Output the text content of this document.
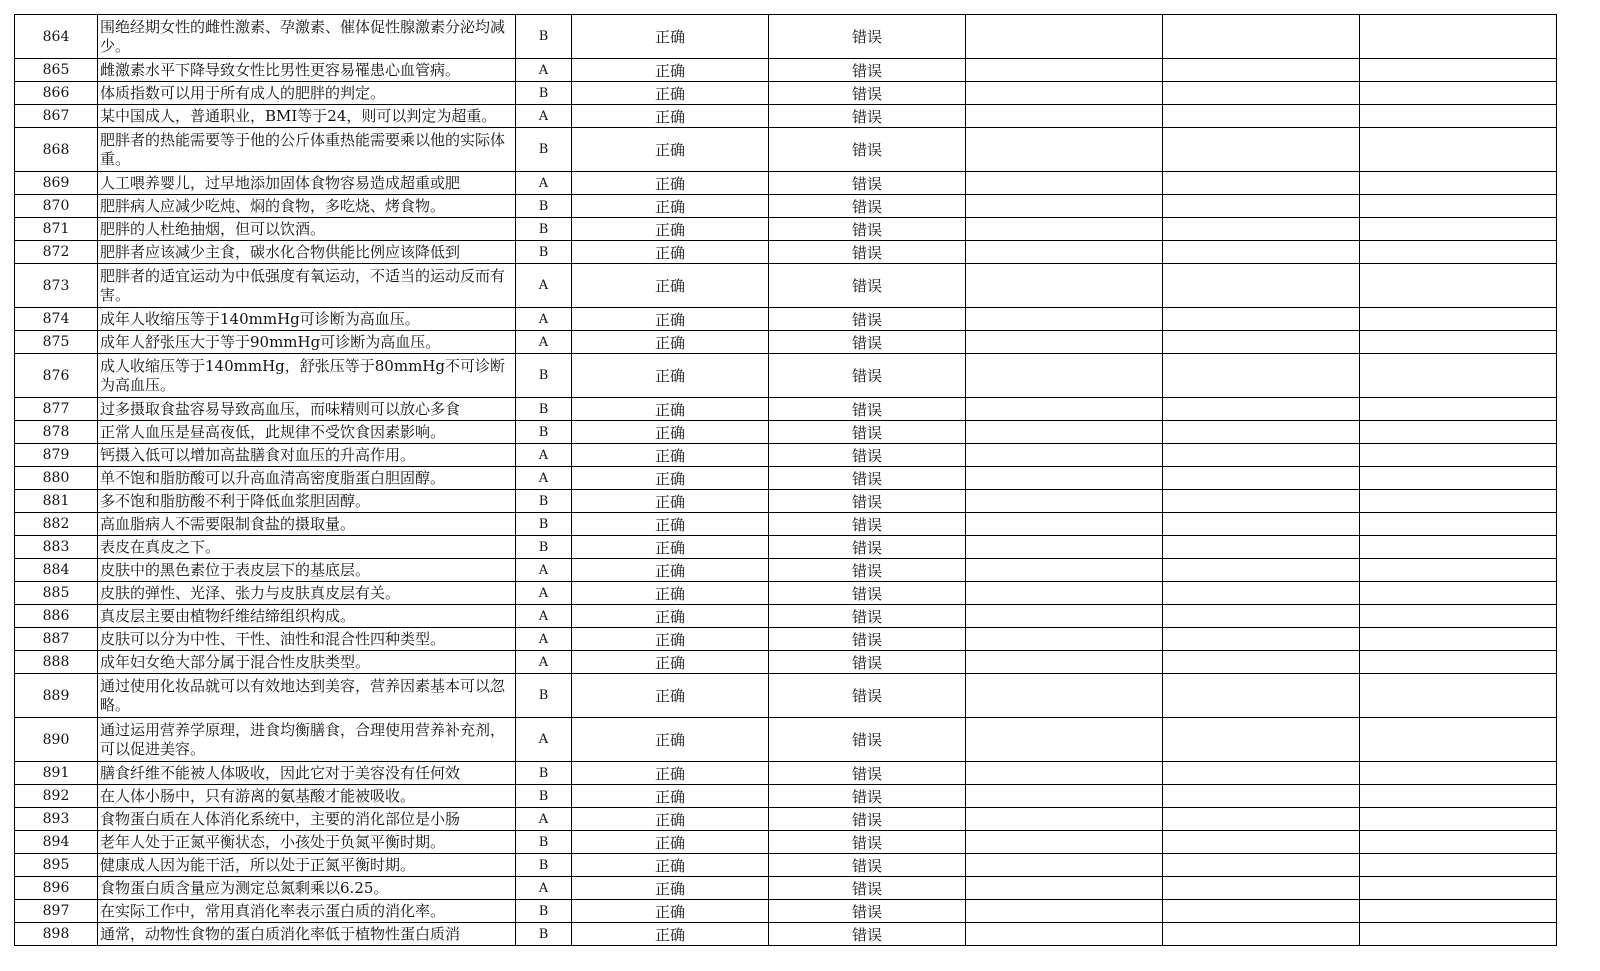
864	围绝经期女性的雌性激素、孕激素、催体促性腺激素分泌均减少。	B	正确	错误			
865	雌激素水平下降导致女性比男性更容易罹患心血管病。	A	正确	错误			
866	体质指数可以用于所有成人的肥胖的判定。	B	正确	错误			
867	某中国成人，普通职业，BMI等于24，则可以判定为超重。	A	正确	错误			
868	肥胖者的热能需要等于他的公斤体重热能需要乘以他的实际体重。	B	正确	错误			
869	人工喂养婴儿，过早地添加固体食物容易造成超重或肥	A	正确	错误			
870	肥胖病人应减少吃炖、焖的食物，多吃烧、烤食物。	B	正确	错误			
871	肥胖的人杜绝抽烟，但可以饮酒。	B	正确	错误			
872	肥胖者应该减少主食，碳水化合物供能比例应该降低到	B	正确	错误			
873	肥胖者的适宜运动为中低强度有氧运动，不适当的运动反而有害。	A	正确	错误			
874	成年人收缩压等于140mmHg可诊断为高血压。	A	正确	错误			
875	成年人舒张压大于等于90mmHg可诊断为高血压。	A	正确	错误			
876	成人收缩压等于140mmHg，舒张压等于80mmHg不可诊断为高血压。	B	正确	错误			
877	过多摄取食盐容易导致高血压，而味精则可以放心多食	B	正确	错误			
878	正常人血压是昼高夜低，此规律不受饮食因素影响。	B	正确	错误			
879	钙摄入低可以增加高盐膳食对血压的升高作用。	A	正确	错误			
880	单不饱和脂肪酸可以升高血清高密度脂蛋白胆固醇。	A	正确	错误			
881	多不饱和脂肪酸不利于降低血浆胆固醇。	B	正确	错误			
882	高血脂病人不需要限制食盐的摄取量。	B	正确	错误			
883	表皮在真皮之下。	B	正确	错误			
884	皮肤中的黑色素位于表皮层下的基底层。	A	正确	错误			
885	皮肤的弹性、光泽、张力与皮肤真皮层有关。	A	正确	错误			
886	真皮层主要由植物纤维结缔组织构成。	A	正确	错误			
887	皮肤可以分为中性、干性、油性和混合性四种类型。	A	正确	错误			
888	成年妇女绝大部分属于混合性皮肤类型。	A	正确	错误			
889	通过使用化妆品就可以有效地达到美容，营养因素基本可以忽略。	B	正确	错误			
890	通过运用营养学原理，进食均衡膳食，合理使用营养补充剂，可以促进美容。	A	正确	错误			
891	膳食纤维不能被人体吸收，因此它对于美容没有任何效	B	正确	错误			
892	在人体小肠中，只有游离的氨基酸才能被吸收。	B	正确	错误			
893	食物蛋白质在人体消化系统中，主要的消化部位是小肠	A	正确	错误			
894	老年人处于正氮平衡状态，小孩处于负氮平衡时期。	B	正确	错误			
895	健康成人因为能干活，所以处于正氮平衡时期。	B	正确	错误			
896	食物蛋白质含量应为测定总氮剩乘以6.25。	A	正确	错误			
897	在实际工作中，常用真消化率表示蛋白质的消化率。	B	正确	错误			
898	通常，动物性食物的蛋白质消化率低于植物性蛋白质消	B	正确	错误			
